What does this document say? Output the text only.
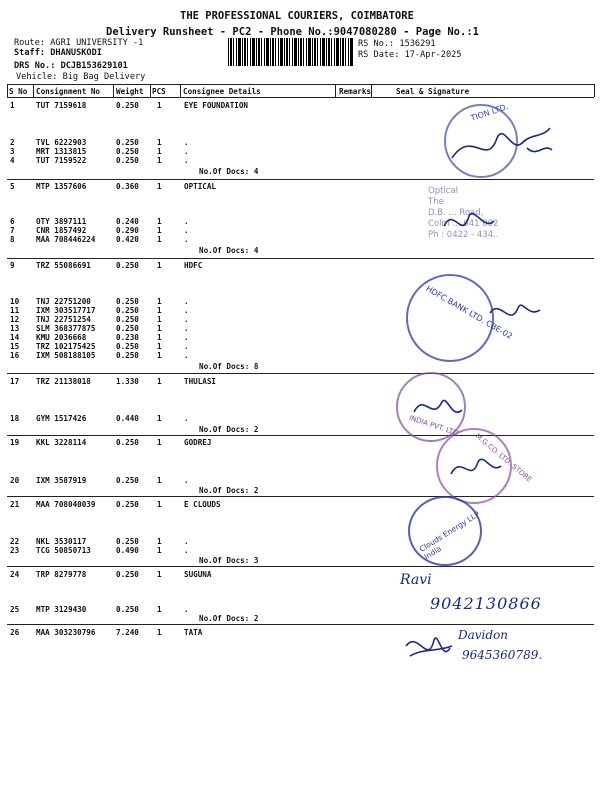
THE PROFESSIONAL COURIERS, COIMBATORE
Delivery Runsheet - PC2 - Phone No.:9047080280 - Page No.:1
Route: AGRI UNIVERSITY -1
Staff: DHANUSKODI
DRS No.: DCJB153629101
Vehicle: Big Bag Delivery
RS No.: 1536291
RS Date: 17-Apr-2025
S No Consignment No Weight PCS Consignee Details	Remarks	Seal & Signature
1	TUT 7159618	0.250 1	EYE FOUNDATION
2	TVL 6222903	0.250 1	.
3	MRT 1313815	0.250 1	.
4	TUT 7159522	0.250 1	.
No.Of Docs: 4
5	MTP 1357606	0.360 1	OPTICAL
6	OTY 3897111	0.240 1	.
7	CNR 1857492	0.290 1	.
8	MAA 708446224	0.420 1	.
No.Of Docs: 4
9	TRZ 55086691	0.250 1	HDFC
10 TNJ 22751200	0.250 1	.
11 IXM 303517717	0.250 1	.
12 TNJ 22751254	0.250 1	.
13 SLM 368377875	0.250 1	.
14 KMU 2036668	0.230 1	.
15 TRZ 102175425	0.250 1	.
16 IXM 508188105	0.250 1	.
No.Of Docs: 8
17 TRZ 21138018	1.330 1	THULASI
18 GYM 1517426	0.440 1	.
No.Of Docs: 2
19 KKL 3228114	0.250 1	GODREJ
20 IXM 3587919	0.250 1	.
No.Of Docs: 2
21 MAA 708040039	0.250 1	E CLOUDS
22 NKL 3530117	0.250 1	.
23 TCG 50850713	0.490 1	.
No.Of Docs: 3
24 TRP 8279778	0.250 1	SUGUNA
25 MTP 3129430	0.250 1	.
No.Of Docs: 2
26 MAA 303230796	7.240 1	TATA
TION LTD.
Optical
The
D.B. ... Road,
Colm ... 641 002
Ph : 0422 - 434..
HDFC BANK LTD. CBE-02
INDIA PVT. LTD.
M.G.CO. LTD. STORE
Clouds Energy LLP India
Ravi
9042130866
Davidon
9645360789.
